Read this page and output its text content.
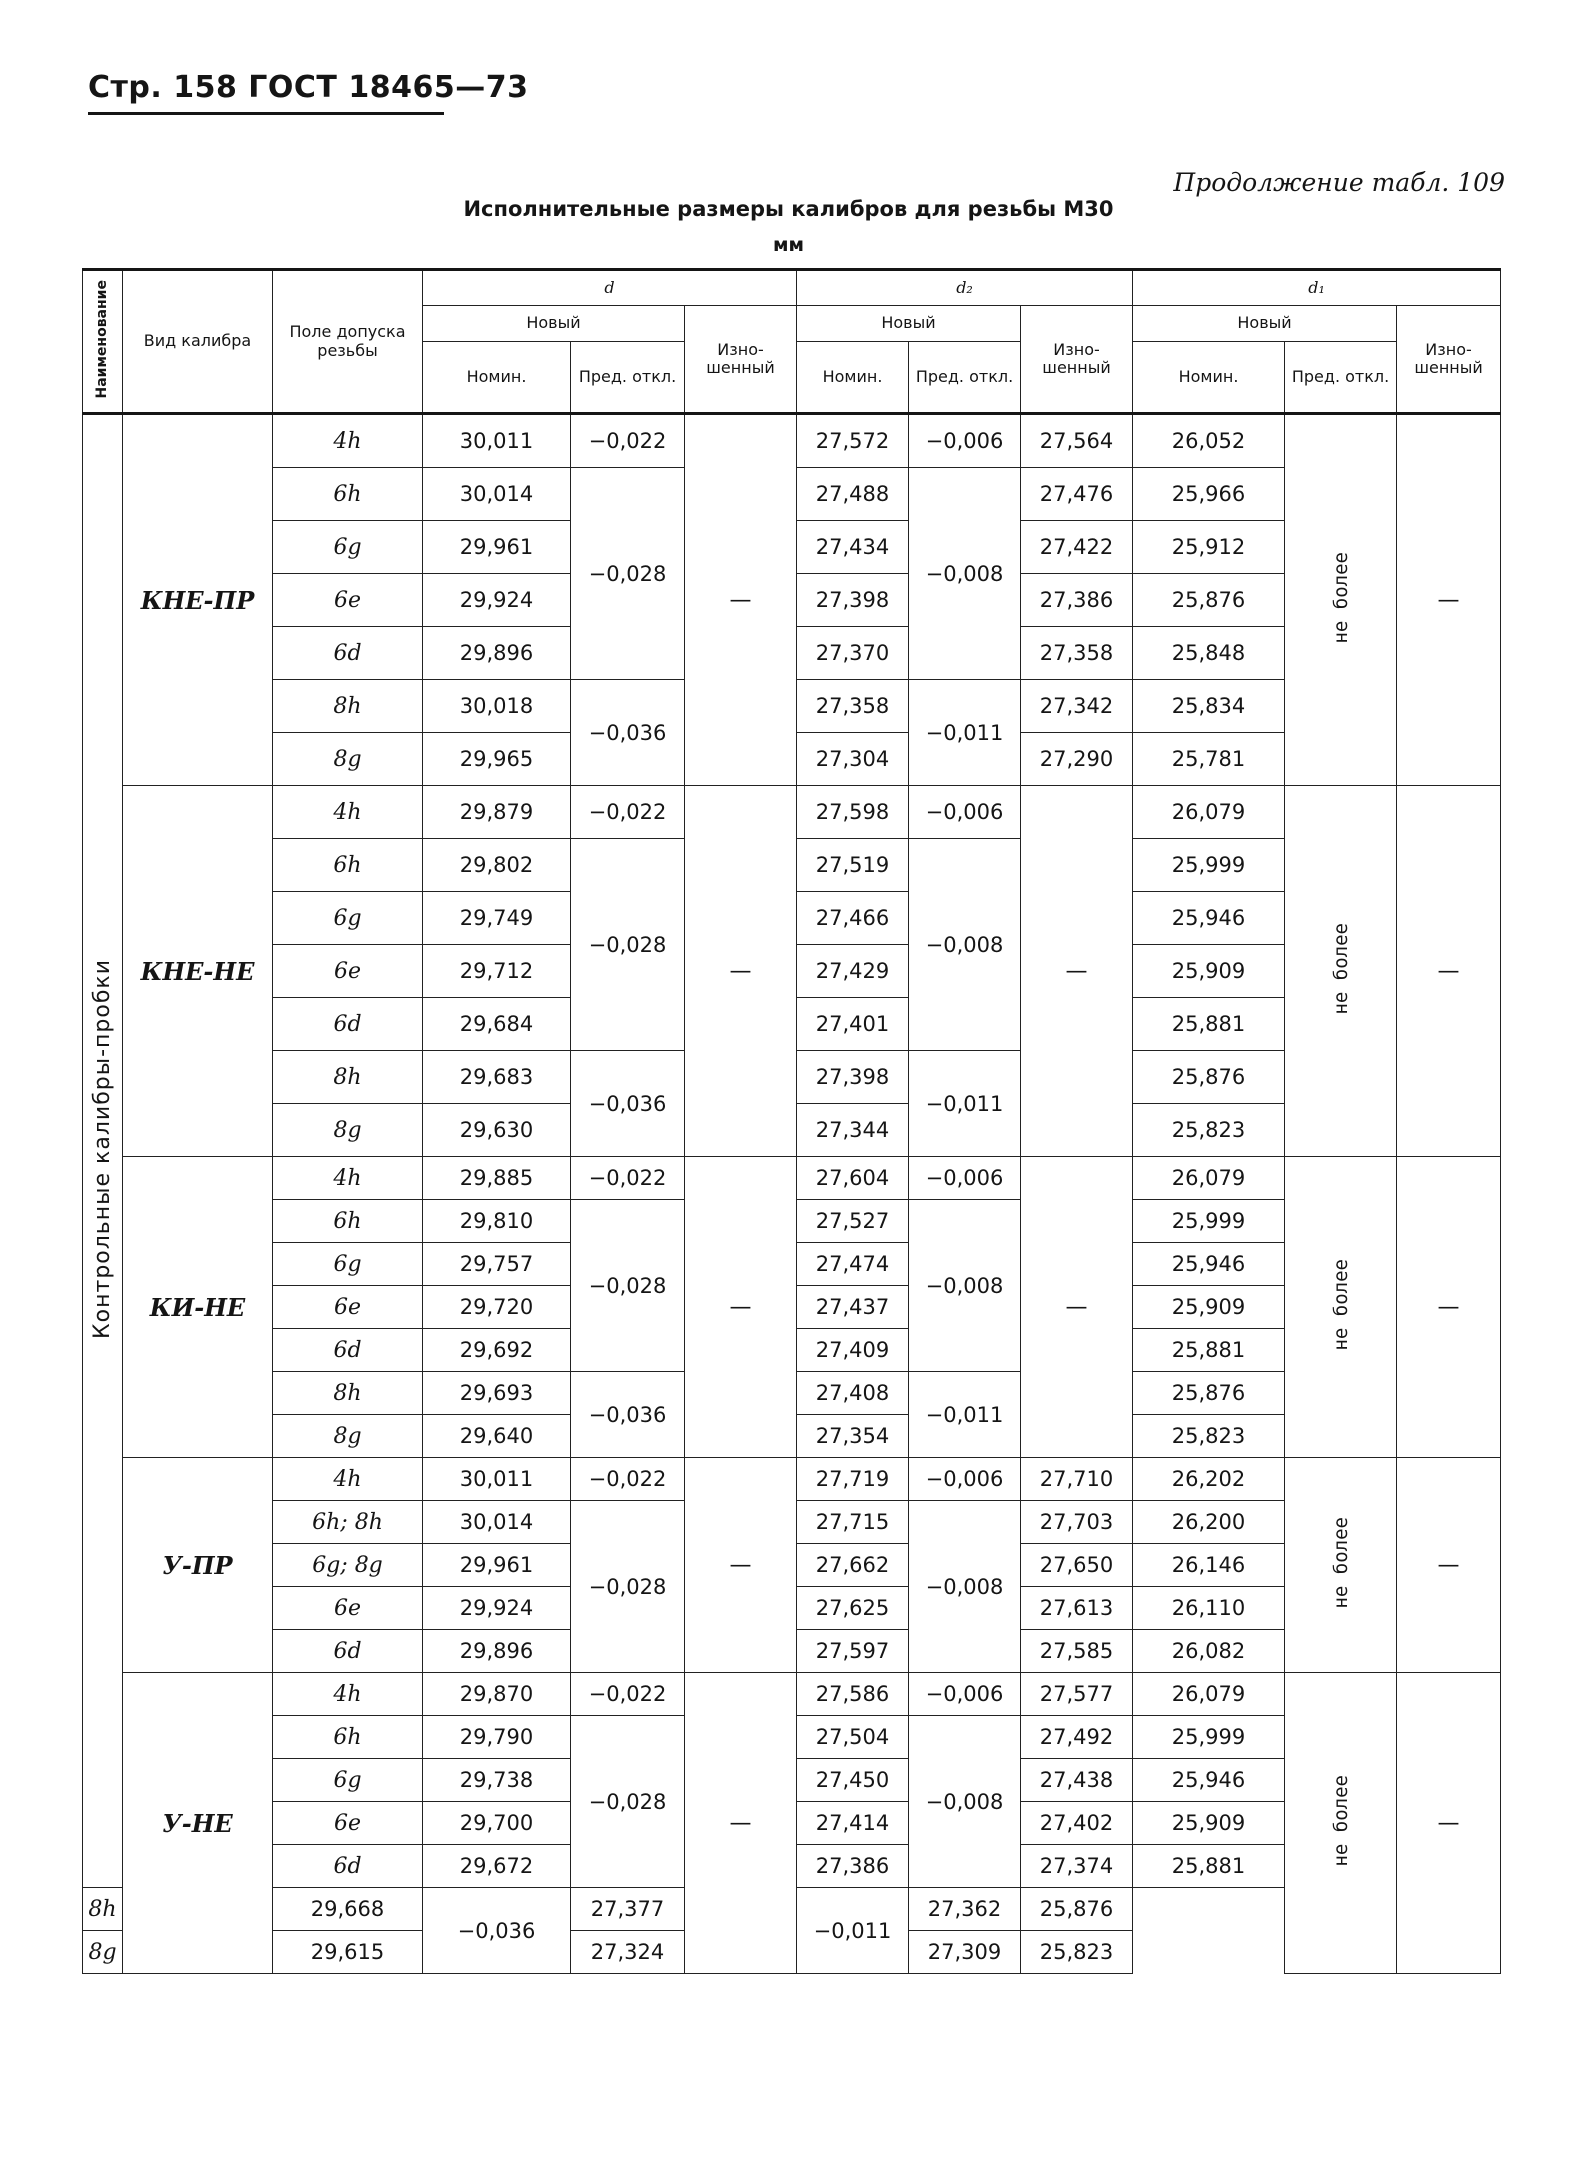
Стр. 158 ГОСТ 18465—73
Продолжение табл. 109
Исполнительные размеры калибров для резьбы М30
мм
Наименование	Вид калибра	Поле допуска резьбы	d			d₂			d₁		
			Новый		Изно-шенный	Новый		Изно-шенный	Новый		Изно-шенный
			Номин.	Пред. откл.		Номин.	Пред. откл.		Номин.	Пред. откл.	
Контрольные калибры-пробки	КНЕ-ПР	4h	30,011	−0,022	—	27,572	−0,006	27,564	26,052	не более	—
		6h	30,014	−0,028		27,488	−0,008	27,476	25,966		
		6g	29,961			27,434		27,422	25,912		
		6e	29,924			27,398		27,386	25,876		
		6d	29,896			27,370		27,358	25,848		
		8h	30,018	−0,036		27,358	−0,011	27,342	25,834		
		8g	29,965			27,304		27,290	25,781		
	КНЕ-НЕ	4h	29,879	−0,022	—	27,598	−0,006	—	26,079	не более	—
		6h	29,802	−0,028		27,519	−0,008		25,999		
		6g	29,749			27,466			25,946		
		6e	29,712			27,429			25,909		
		6d	29,684			27,401			25,881		
		8h	29,683	−0,036		27,398	−0,011		25,876		
		8g	29,630			27,344			25,823		
	КИ-НЕ	4h	29,885	−0,022	—	27,604	−0,006	—	26,079	не более	—
		6h	29,810	−0,028		27,527	−0,008		25,999		
		6g	29,757			27,474			25,946		
		6e	29,720			27,437			25,909		
		6d	29,692			27,409			25,881		
		8h	29,693	−0,036		27,408	−0,011		25,876		
		8g	29,640			27,354			25,823		
	У-ПР	4h	30,011	−0,022	—	27,719	−0,006	27,710	26,202	не более	—
		6h; 8h	30,014	−0,028		27,715	−0,008	27,703	26,200		
		6g; 8g	29,961			27,662		27,650	26,146		
		6e	29,924			27,625		27,613	26,110		
		6d	29,896			27,597		27,585	26,082		
	У-НЕ	4h	29,870	−0,022	—	27,586	−0,006	27,577	26,079	не более	—
		6h	29,790	−0,028		27,504	−0,008	27,492	25,999		
		6g	29,738			27,450		27,438	25,946		
		6e	29,700			27,414		27,402	25,909		
		6d	29,672			27,386		27,374	25,881		
8h		29,668	−0,036	27,377		−0,011	27,362	25,876			
8g		29,615		27,324			27,309	25,823			
